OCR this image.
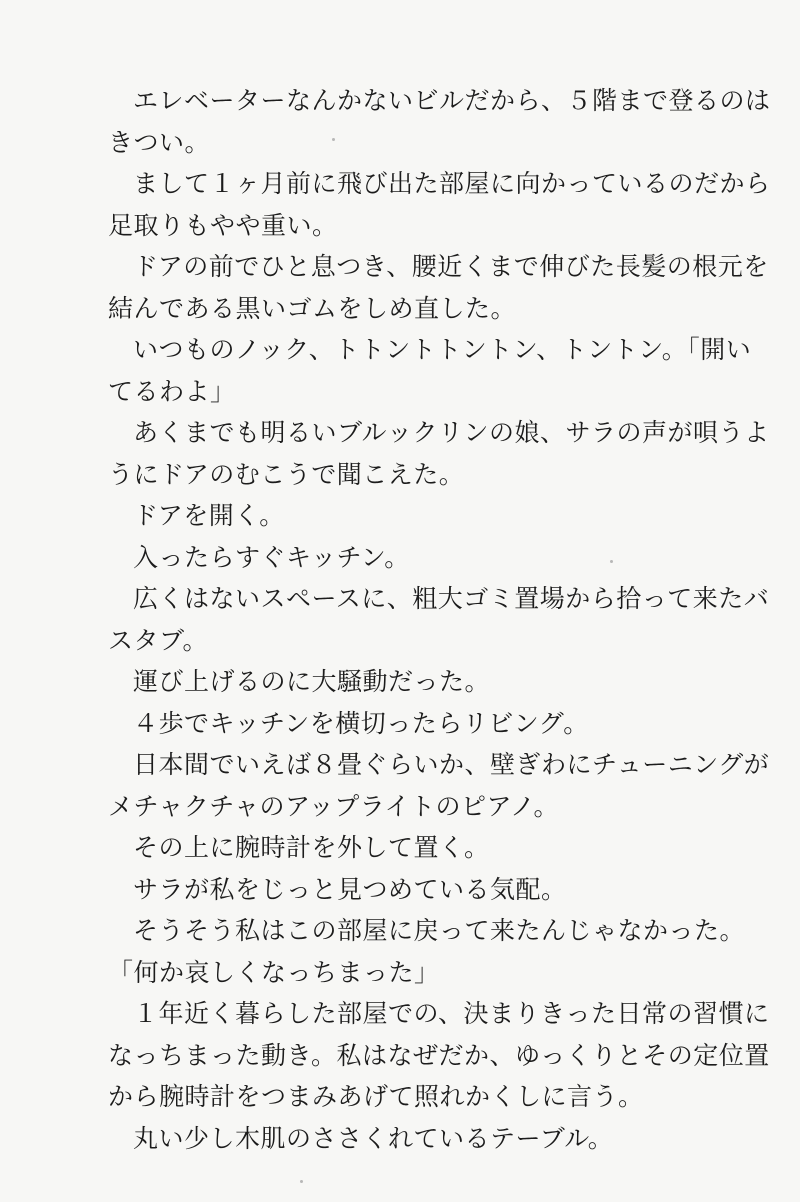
エレベーターなんかないビルだから、５階まで登るのは
きつい。
まして１ヶ月前に飛び出た部屋に向かっているのだから
足取りもやや重い。
ドアの前でひと息つき、腰近くまで伸びた長髪の根元を
結んである黒いゴムをしめ直した。
いつものノック、トトントトントン、トントン。「開い
てるわよ」
あくまでも明るいブルックリンの娘、サラの声が唄うよ
うにドアのむこうで聞こえた。
ドアを開く。
入ったらすぐキッチン。
広くはないスペースに、粗大ゴミ置場から拾って来たバ
スタブ。
運び上げるのに大騒動だった。
４歩でキッチンを横切ったらリビング。
日本間でいえば８畳ぐらいか、壁ぎわにチューニングが
メチャクチャのアップライトのピアノ。
その上に腕時計を外して置く。
サラが私をじっと見つめている気配。
そうそう私はこの部屋に戻って来たんじゃなかった。
「何か哀しくなっちまった」
１年近く暮らした部屋での、決まりきった日常の習慣に
なっちまった動き。私はなぜだか、ゆっくりとその定位置
から腕時計をつまみあげて照れかくしに言う。
丸い少し木肌のささくれているテーブル。
